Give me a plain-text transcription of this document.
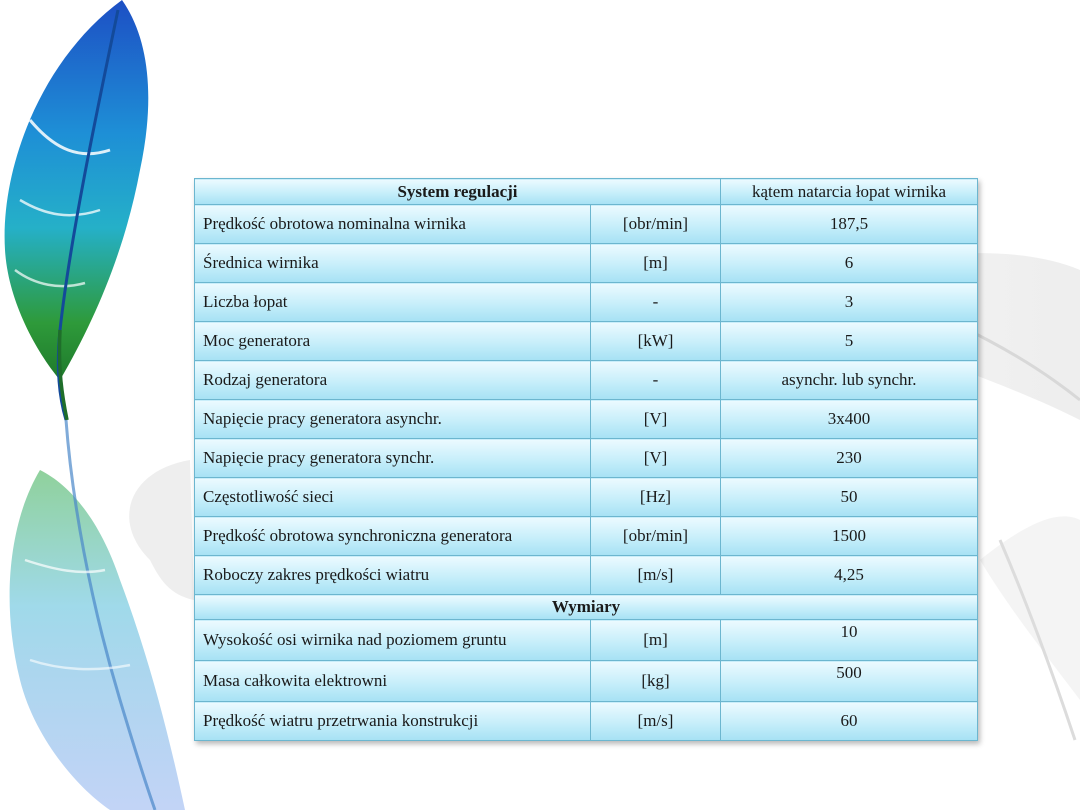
System regulacji		kątem natarcia łopat wirnika
Prędkość obrotowa nominalna wirnika	[obr/min]	187,5
Średnica wirnika	[m]	6
Liczba łopat	-	3
Moc generatora	[kW]	5
Rodzaj generatora	-	asynchr. lub synchr.
Napięcie pracy generatora asynchr.	[V]	3x400
Napięcie pracy generatora synchr.	[V]	230
Częstotliwość sieci	[Hz]	50
Prędkość obrotowa synchroniczna generatora	[obr/min]	1500
Roboczy zakres prędkości wiatru	[m/s]	4,25
Wymiary		
Wysokość osi wirnika nad poziomem gruntu	[m]	10
Masa całkowita elektrowni	[kg]	500
Prędkość wiatru przetrwania konstrukcji	[m/s]	60
